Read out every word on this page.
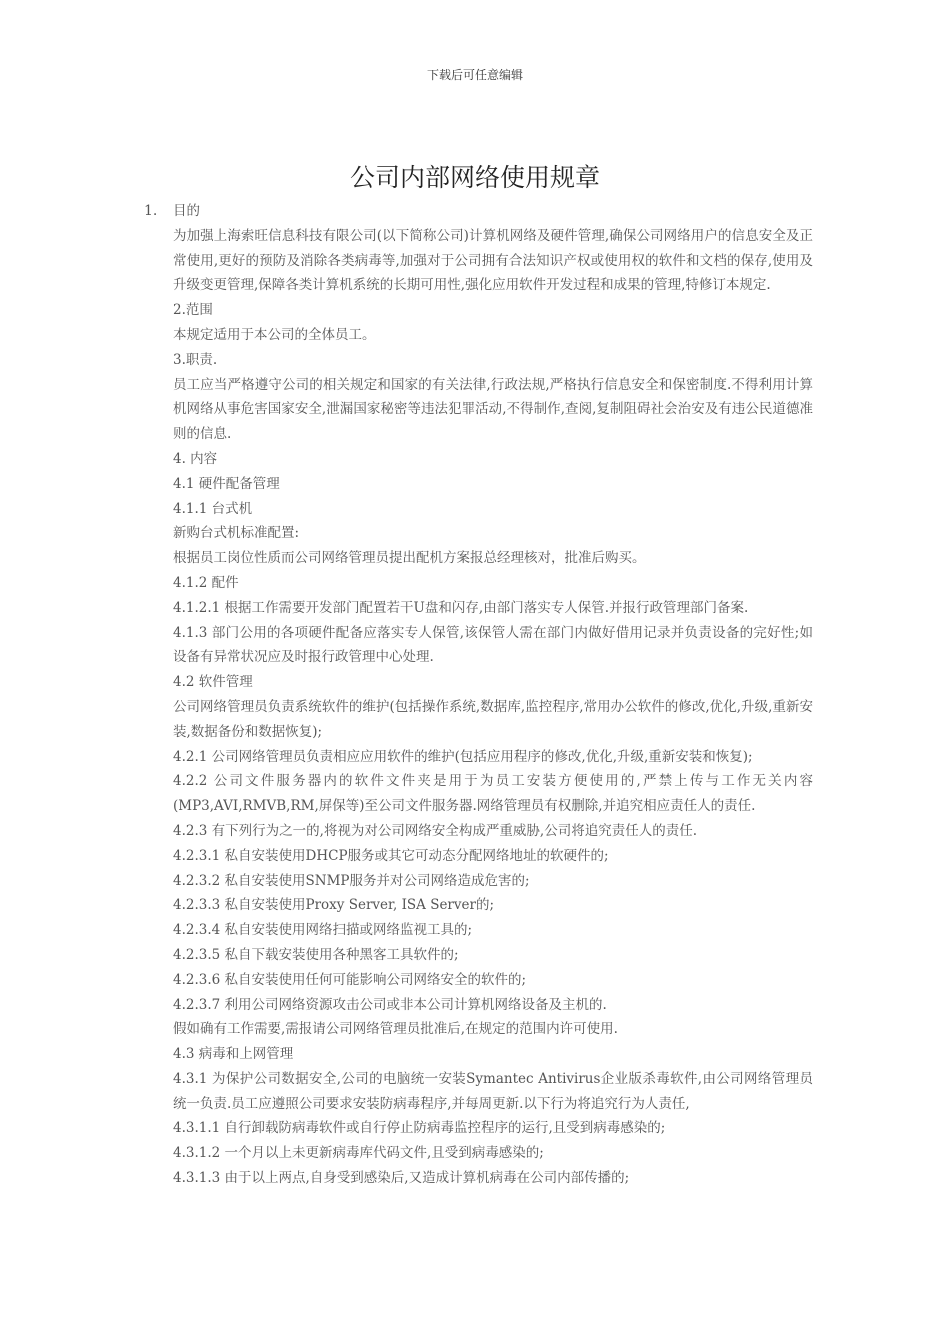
下载后可任意编辑
公司内部网络使用规章
1. 目的

为加强上海索旺信息科技有限公司(以下简称公司)计算机网络及硬件管理,确保公司网络用户的信息安全及正常使用,更好的预防及消除各类病毒等,加强对于公司拥有合法知识产权或使用权的软件和文档的保存,使用及升级变更管理,保障各类计算机系统的长期可用性,强化应用软件开发过程和成果的管理,特修订本规定.

2.范围

本规定适用于本公司的全体员工。

3.职责.

员工应当严格遵守公司的相关规定和国家的有关法律,行政法规,严格执行信息安全和保密制度.不得利用计算机网络从事危害国家安全,泄漏国家秘密等违法犯罪活动,不得制作,查阅,复制阻碍社会治安及有违公民道德准则的信息.

4. 内容

4.1 硬件配备管理

4.1.1 台式机

新购台式机标准配置:

根据员工岗位性质而公司网络管理员提出配机方案报总经理核对，批准后购买。

4.1.2 配件

4.1.2.1 根据工作需要开发部门配置若干U盘和闪存,由部门落实专人保管.并报行政管理部门备案.

4.1.3 部门公用的各项硬件配备应落实专人保管,该保管人需在部门内做好借用记录并负责设备的完好性;如设备有异常状况应及时报行政管理中心处理.

4.2 软件管理

公司网络管理员负责系统软件的维护(包括操作系统,数据库,监控程序,常用办公软件的修改,优化,升级,重新安装,数据备份和数据恢复);

4.2.1 公司网络管理员负责相应应用软件的维护(包括应用程序的修改,优化,升级,重新安装和恢复);

4.2.2 公司文件服务器内的软件文件夹是用于为员工安装方便使用的,严禁上传与工作无关内容(MP3,AVI,RMVB,RM,屏保等)至公司文件服务器.网络管理员有权删除,并追究相应责任人的责任.

4.2.3 有下列行为之一的,将视为对公司网络安全构成严重威胁,公司将追究责任人的责任.

4.2.3.1 私自安装使用DHCP服务或其它可动态分配网络地址的软硬件的;

4.2.3.2 私自安装使用SNMP服务并对公司网络造成危害的;

4.2.3.3 私自安装使用Proxy Server, ISA Server的;

4.2.3.4 私自安装使用网络扫描或网络监视工具的;

4.2.3.5 私自下载安装使用各种黑客工具软件的;

4.2.3.6 私自安装使用任何可能影响公司网络安全的软件的;

4.2.3.7 利用公司网络资源攻击公司或非本公司计算机网络设备及主机的.

假如确有工作需要,需报请公司网络管理员批准后,在规定的范围内许可使用.

4.3 病毒和上网管理

4.3.1 为保护公司数据安全,公司的电脑统一安装Symantec Antivirus企业版杀毒软件,由公司网络管理员统一负责.员工应遵照公司要求安装防病毒程序,并每周更新.以下行为将追究行为人责任,

4.3.1.1 自行卸载防病毒软件或自行停止防病毒监控程序的运行,且受到病毒感染的;

4.3.1.2 一个月以上未更新病毒库代码文件,且受到病毒感染的;

4.3.1.3 由于以上两点,自身受到感染后,又造成计算机病毒在公司内部传播的;
